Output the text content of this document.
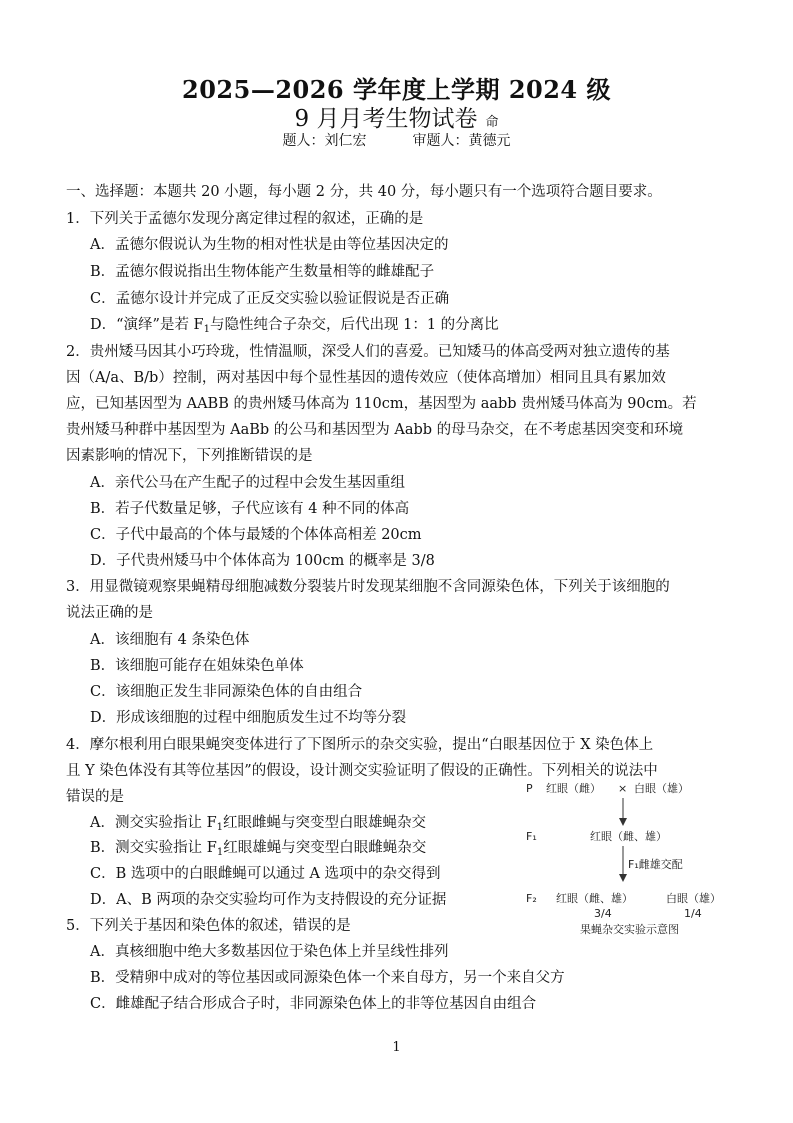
2025—2026 学年度上学期 2024 级
9 月月考生物试卷 命
题人：刘仁宏	审题人：黄德元
一、选择题：本题共 20 小题，每小题 2 分，共 40 分，每小题只有一个选项符合题目要求。
1．下列关于孟德尔发现分离定律过程的叙述，正确的是
A．孟德尔假说认为生物的相对性状是由等位基因决定的
B．孟德尔假说指出生物体能产生数量相等的雌雄配子
C．孟德尔设计并完成了正反交实验以验证假说是否正确
D．“演绎”是若 $F_1$与隐性纯合子杂交，后代出现 1：1 的分离比
2．贵州矮马因其小巧玲珑，性情温顺，深受人们的喜爱。已知矮马的体高受两对独立遗传的基
因（A/a、B/b）控制，两对基因中每个显性基因的遗传效应（使体高增加）相同且具有累加效
应，已知基因型为 AABB 的贵州矮马体高为 110cm，基因型为 aabb 贵州矮马体高为 90cm。若
贵州矮马种群中基因型为 AaBb 的公马和基因型为 Aabb 的母马杂交，在不考虑基因突变和环境
因素影响的情况下，下列推断错误的是
A．亲代公马在产生配子的过程中会发生基因重组
B．若子代数量足够，子代应该有 4 种不同的体高
C．子代中最高的个体与最矮的个体体高相差 20cm
D．子代贵州矮马中个体体高为 100cm 的概率是 3/8
3．用显微镜观察果蝇精母细胞减数分裂装片时发现某细胞不含同源染色体，下列关于该细胞的
说法正确的是
A．该细胞有 4 条染色体
B．该细胞可能存在姐妹染色单体
C．该细胞正发生非同源染色体的自由组合
D．形成该细胞的过程中细胞质发生过不均等分裂
4．摩尔根利用白眼果蝇突变体进行了下图所示的杂交实验，提出“白眼基因位于 X 染色体上
且 Y 染色体没有其等位基因”的假设，设计测交实验证明了假设的正确性。下列相关的说法中
错误的是
A．测交实验指让 $F_1$红眼雌蝇与突变型白眼雄蝇杂交
B．测交实验指让 $F_1$红眼雄蝇与突变型白眼雌蝇杂交
C．B 选项中的白眼雌蝇可以通过 A 选项中的杂交得到
D．A、B 两项的杂交实验均可作为支持假设的充分证据
P 红眼（雌） × 白眼（雄）
F₁	红眼（雌、雄）
F₁雌雄交配
F₂ 红眼（雌、雄）	白眼（雄）
3/4	1/4
果蝇杂交实验示意图
5．下列关于基因和染色体的叙述，错误的是
A．真核细胞中绝大多数基因位于染色体上并呈线性排列
B．受精卵中成对的等位基因或同源染色体一个来自母方，另一个来自父方
C．雌雄配子结合形成合子时，非同源染色体上的非等位基因自由组合
1
